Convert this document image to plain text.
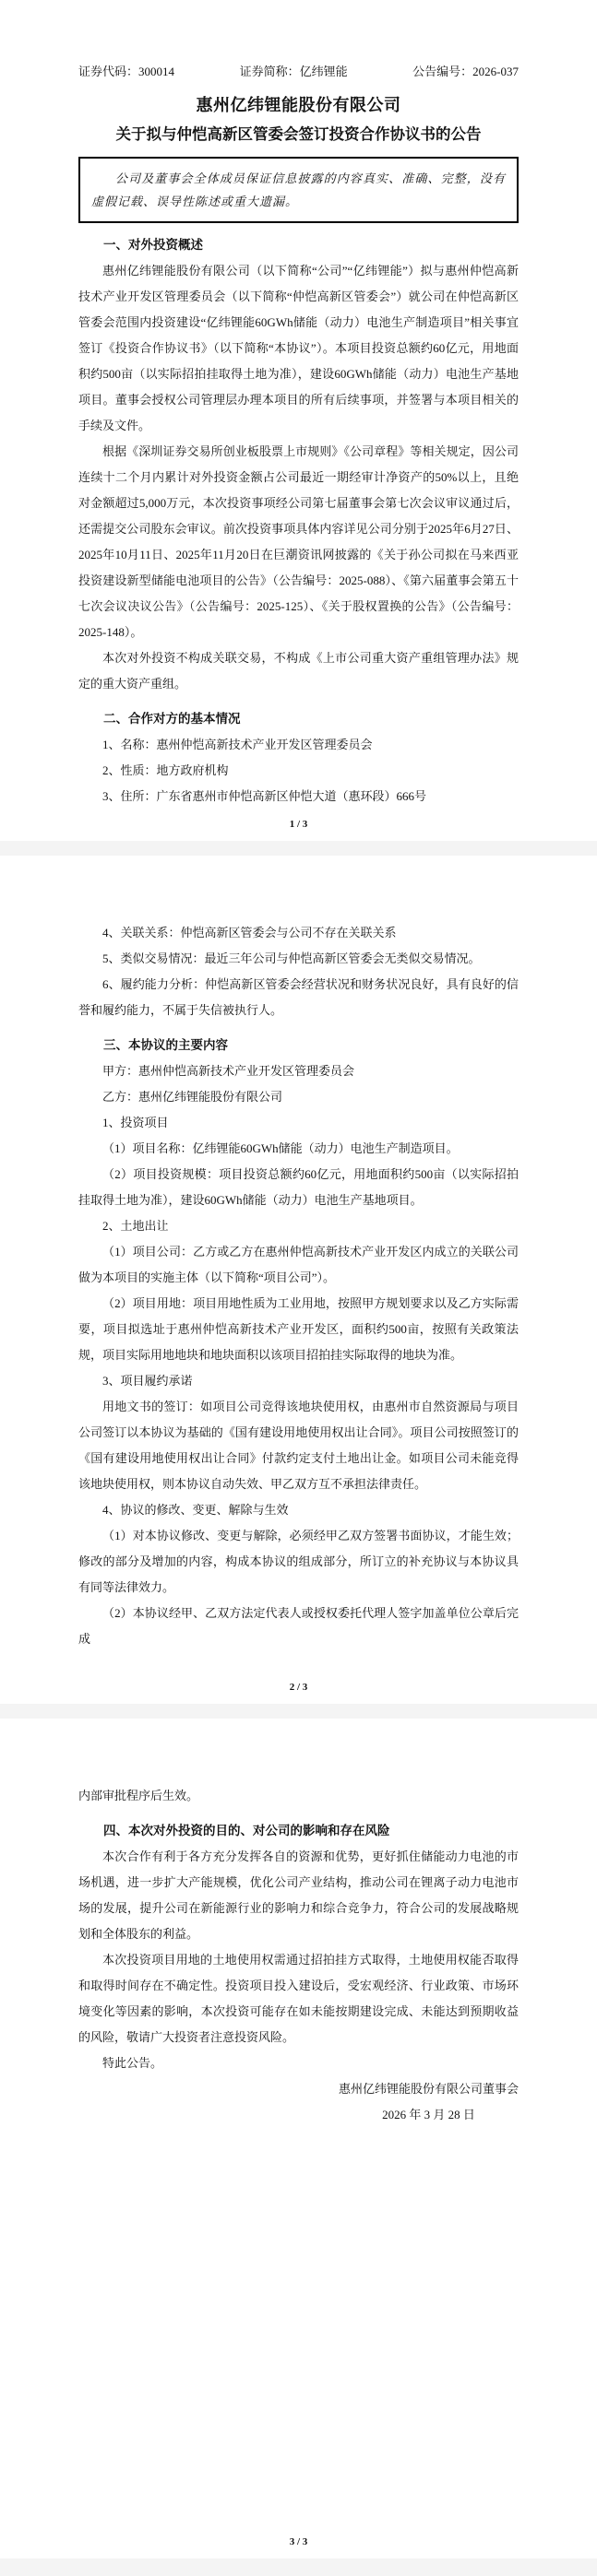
证券代码：300014	证券简称：亿纬锂能	公告编号：2026-037
惠州亿纬锂能股份有限公司
关于拟与仲恺高新区管委会签订投资合作协议书的公告
公司及董事会全体成员保证信息披露的内容真实、准确、完整，没有虚假记载、误导性陈述或重大遗漏。
一、对外投资概述

惠州亿纬锂能股份有限公司（以下简称“公司”“亿纬锂能”）拟与惠州仲恺高新技术产业开发区管理委员会（以下简称“仲恺高新区管委会”）就公司在仲恺高新区管委会范围内投资建设“亿纬锂能60GWh储能（动力）电池生产制造项目”相关事宜签订《投资合作协议书》（以下简称“本协议”）。本项目投资总额约60亿元，用地面积约500亩（以实际招拍挂取得土地为准），建设60GWh储能（动力）电池生产基地项目。董事会授权公司管理层办理本项目的所有后续事项，并签署与本项目相关的手续及文件。

根据《深圳证券交易所创业板股票上市规则》《公司章程》等相关规定，因公司连续十二个月内累计对外投资金额占公司最近一期经审计净资产的50%以上，且绝对金额超过5,000万元，本次投资事项经公司第七届董事会第七次会议审议通过后，还需提交公司股东会审议。前次投资事项具体内容详见公司分别于2025年6月27日、2025年10月11日、2025年11月20日在巨潮资讯网披露的《关于孙公司拟在马来西亚投资建设新型储能电池项目的公告》（公告编号：2025-088）、《第六届董事会第五十七次会议决议公告》（公告编号：2025-125）、《关于股权置换的公告》（公告编号：2025-148）。

本次对外投资不构成关联交易，不构成《上市公司重大资产重组管理办法》规定的重大资产重组。

二、合作对方的基本情况

1、名称：惠州仲恺高新技术产业开发区管理委员会

2、性质：地方政府机构

3、住所：广东省惠州市仲恺高新区仲恺大道（惠环段）666号

1 / 3

4、关联关系：仲恺高新区管委会与公司不存在关联关系

5、类似交易情况：最近三年公司与仲恺高新区管委会无类似交易情况。

6、履约能力分析：仲恺高新区管委会经营状况和财务状况良好，具有良好的信誉和履约能力，不属于失信被执行人。

三、本协议的主要内容

甲方：惠州仲恺高新技术产业开发区管理委员会

乙方：惠州亿纬锂能股份有限公司

1、投资项目

（1）项目名称：亿纬锂能60GWh储能（动力）电池生产制造项目。

（2）项目投资规模：项目投资总额约60亿元，用地面积约500亩（以实际招拍挂取得土地为准），建设60GWh储能（动力）电池生产基地项目。

2、土地出让

（1）项目公司：乙方或乙方在惠州仲恺高新技术产业开发区内成立的关联公司做为本项目的实施主体（以下简称“项目公司”）。

（2）项目用地：项目用地性质为工业用地，按照甲方规划要求以及乙方实际需要，项目拟选址于惠州仲恺高新技术产业开发区，面积约500亩，按照有关政策法规，项目实际用地地块和地块面积以该项目招拍挂实际取得的地块为准。

3、项目履约承诺

用地文书的签订：如项目公司竞得该地块使用权，由惠州市自然资源局与项目公司签订以本协议为基础的《国有建设用地使用权出让合同》。项目公司按照签订的《国有建设用地使用权出让合同》付款约定支付土地出让金。如项目公司未能竞得该地块使用权，则本协议自动失效、甲乙双方互不承担法律责任。

4、协议的修改、变更、解除与生效

（1）对本协议修改、变更与解除，必须经甲乙双方签署书面协议，才能生效；修改的部分及增加的内容，构成本协议的组成部分，所订立的补充协议与本协议具有同等法律效力。

（2）本协议经甲、乙双方法定代表人或授权委托代理人签字加盖单位公章后完成

2 / 3

内部审批程序后生效。

四、本次对外投资的目的、对公司的影响和存在风险

本次合作有利于各方充分发挥各自的资源和优势，更好抓住储能动力电池的市场机遇，进一步扩大产能规模，优化公司产业结构，推动公司在锂离子动力电池市场的发展，提升公司在新能源行业的影响力和综合竞争力，符合公司的发展战略规划和全体股东的利益。

本次投资项目用地的土地使用权需通过招拍挂方式取得，土地使用权能否取得和取得时间存在不确定性。投资项目投入建设后，受宏观经济、行业政策、市场环境变化等因素的影响，本次投资可能存在如未能按期建设完成、未能达到预期收益的风险，敬请广大投资者注意投资风险。

特此公告。

惠州亿纬锂能股份有限公司董事会
2026 年 3 月 28 日
3 / 3
